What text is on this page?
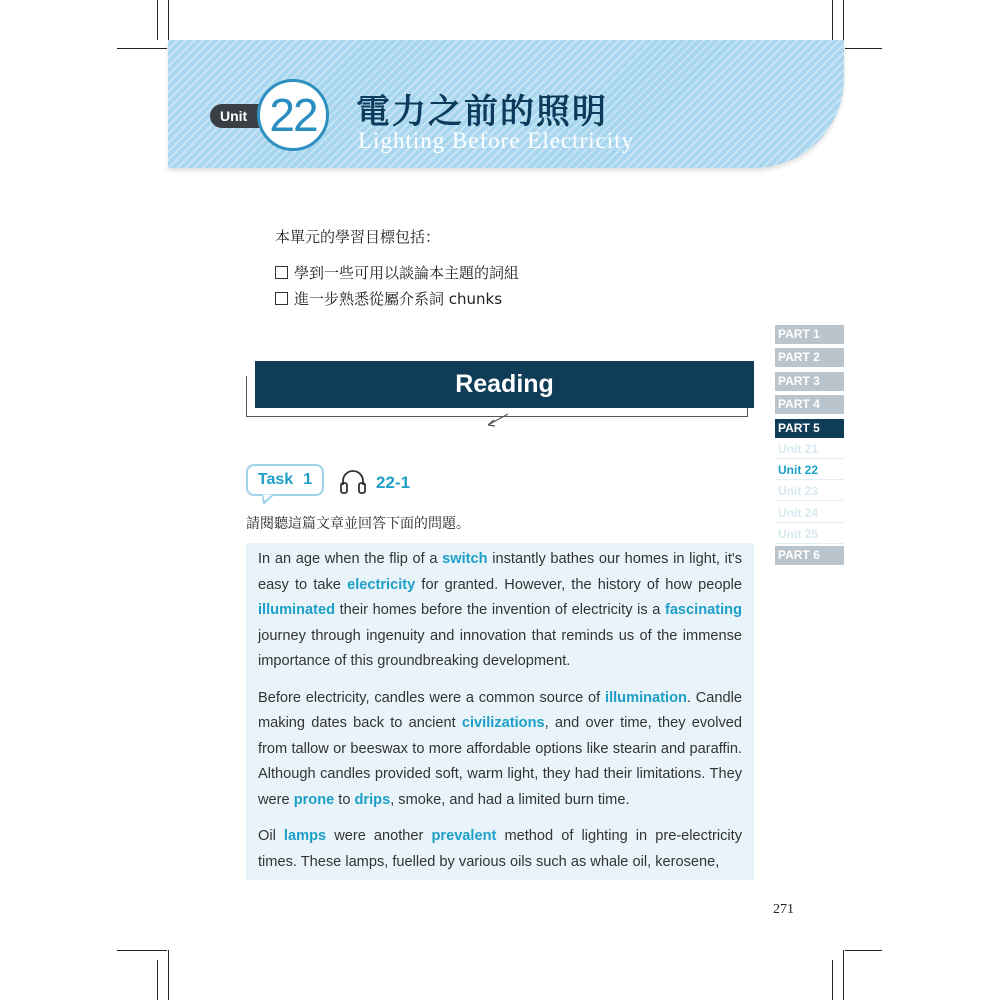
Unit 22	電力之前的照明
Lighting Before Electricity
本單元的學習目標包括：
學到一些可用以談論本主題的詞組
進一步熟悉從屬介系詞 chunks
Reading
PART 1
PART 2
PART 3
PART 4
PART 5
Unit 21
Unit 22
Unit 23
Unit 24
Unit 25
PART 6
Task 1	22-1
請閱聽這篇文章並回答下面的問題。

In an age when the flip of a switch instantly bathes our homes in light, it's easy to take electricity for granted. However, the history of how people illuminated their homes before the invention of electricity is a fascinating journey through ingenuity and innovation that reminds us of the immense importance of this groundbreaking development.

Before electricity, candles were a common source of illumination. Candle making dates back to ancient civilizations, and over time, they evolved from tallow or beeswax to more affordable options like stearin and paraffin. Although candles provided soft, warm light, they had their limitations. They were prone to drips, smoke, and had a limited burn time.

Oil lamps were another prevalent method of lighting in pre-electricity times. These lamps, fuelled by various oils such as whale oil, kerosene,

271
